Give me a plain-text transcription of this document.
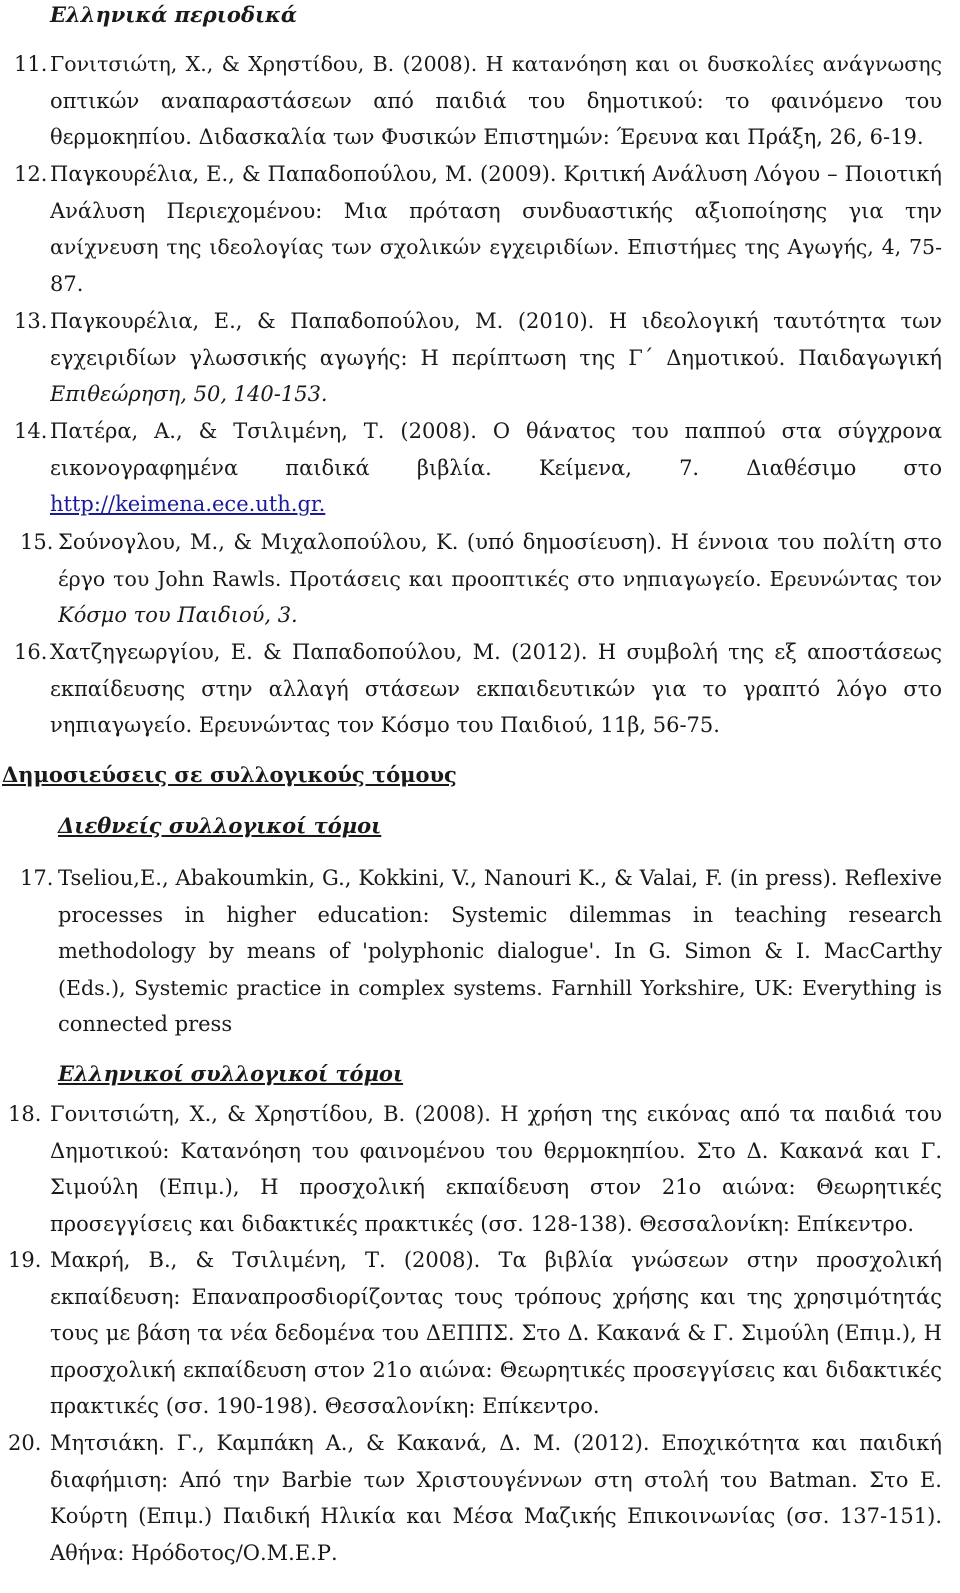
Ελληνικά περιοδικά
11. Γονιτσιώτη, Χ., & Χρηστίδου, Β. (2008). Η κατανόηση και οι δυσκολίες ανάγνωσης
οπτικών αναπαραστάσεων από παιδιά του δημοτικού: το φαινόμενο του
θερμοκηπίου. Διδασκαλία των Φυσικών Επιστημών: Έρευνα και Πράξη, 26, 6-19.
12. Παγκουρέλια, Ε., & Παπαδοπούλου, Μ. (2009). Κριτική Ανάλυση Λόγου – Ποιοτική
Ανάλυση Περιεχομένου: Μια πρόταση συνδυαστικής αξιοποίησης για την
ανίχνευση της ιδεολογίας των σχολικών εγχειριδίων. Επιστήμες της Αγωγής, 4, 75-
87.
13. Παγκουρέλια, Ε., & Παπαδοπούλου, Μ. (2010). Η ιδεολογική ταυτότητα των
εγχειριδίων γλωσσικής αγωγής: Η περίπτωση της Γ΄ Δημοτικού. Παιδαγωγική
Επιθεώρηση, 50, 140-153.
14. Πατέρα, Α., & Τσιλιμένη, Τ. (2008). Ο θάνατος του παππού στα σύγχρονα
εικονογραφημένα παιδικά βιβλία. Κείμενα, 7. Διαθέσιμο στο
http://keimena.ece.uth.gr.
15. Σούνογλου, Μ., & Μιχαλοπούλου, Κ. (υπό δημοσίευση). Η έννοια του πολίτη στο
έργο του John Rawls. Προτάσεις και προοπτικές στο νηπιαγωγείο. Ερευνώντας τον
Κόσμο του Παιδιού, 3.
16. Χατζηγεωργίου, Ε. & Παπαδοπούλου, Μ. (2012). Η συμβολή της εξ αποστάσεως
εκπαίδευσης στην αλλαγή στάσεων εκπαιδευτικών για το γραπτό λόγο στο
νηπιαγωγείο. Ερευνώντας τον Κόσμο του Παιδιού, 11β, 56-75.
Δημοσιεύσεις σε συλλογικούς τόμους
Διεθνείς συλλογικοί τόμοι
17. Tseliou,E., Abakoumkin, G., Kokkini, V., Nanouri K., & Valai, F. (in press). Reflexive
processes in higher education: Systemic dilemmas in teaching research
methodology by means of 'polyphonic dialogue'. In G. Simon & I. MacCarthy
(Eds.), Systemic practice in complex systems. Farnhill Yorkshire, UK: Everything is
connected press
Ελληνικοί συλλογικοί τόμοι
18. Γονιτσιώτη, Χ., & Χρηστίδου, Β. (2008). Η χρήση της εικόνας από τα παιδιά του
Δημοτικού: Κατανόηση του φαινομένου του θερμοκηπίου. Στο Δ. Κακανά και Γ.
Σιμούλη (Επιμ.), Η προσχολική εκπαίδευση στον 21ο αιώνα: Θεωρητικές
προσεγγίσεις και διδακτικές πρακτικές (σσ. 128-138). Θεσσαλονίκη: Επίκεντρο.
19. Μακρή, Β., & Τσιλιμένη, Τ. (2008). Τα βιβλία γνώσεων στην προσχολική
εκπαίδευση: Επαναπροσδιορίζοντας τους τρόπους χρήσης και της χρησιμότητάς
τους με βάση τα νέα δεδομένα του ΔΕΠΠΣ. Στο Δ. Κακανά & Γ. Σιμούλη (Επιμ.), Η
προσχολική εκπαίδευση στον 21ο αιώνα: Θεωρητικές προσεγγίσεις και διδακτικές
πρακτικές (σσ. 190-198). Θεσσαλονίκη: Επίκεντρο.
20. Μητσιάκη. Γ., Καμπάκη Α., & Κακανά, Δ. Μ. (2012). Εποχικότητα και παιδική
διαφήμιση: Από την Barbie των Χριστουγέννων στη στολή του Batman. Στο Ε.
Κούρτη (Επιμ.) Παιδική Ηλικία και Μέσα Μαζικής Επικοινωνίας (σσ. 137-151).
Αθήνα: Ηρόδοτος/Ο.Μ.Ε.Ρ.
